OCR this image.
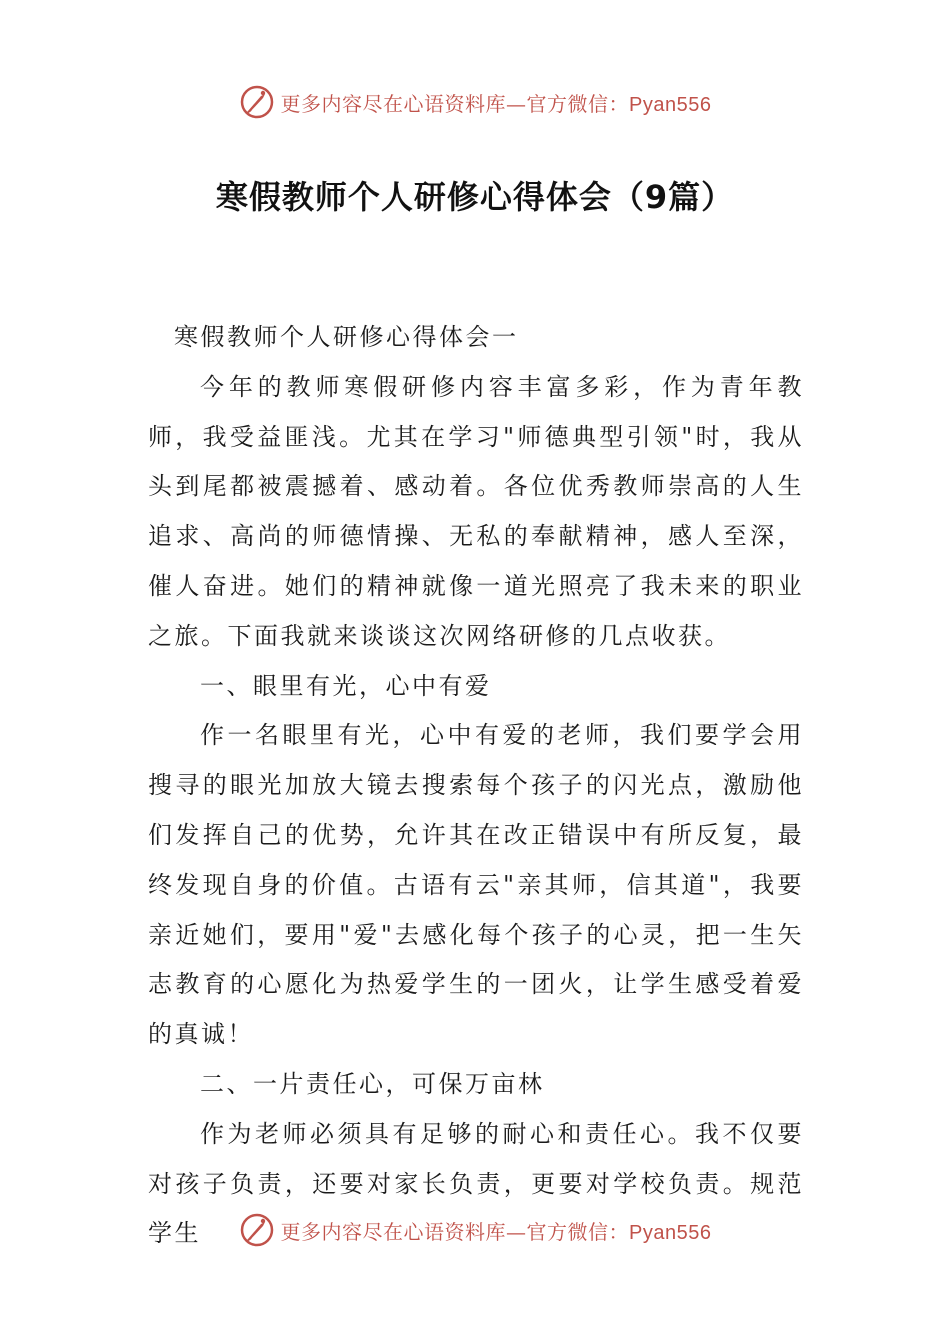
更多内容尽在心语资料库—官方微信：Pyan556
寒假教师个人研修心得体会（9篇）

寒假教师个人研修心得体会一

今年的教师寒假研修内容丰富多彩，作为青年教师，我受益匪浅。尤其在学习"师德典型引领"时，我从头到尾都被震撼着、感动着。各位优秀教师崇高的人生追求、高尚的师德情操、无私的奉献精神，感人至深，催人奋进。她们的精神就像一道光照亮了我未来的职业之旅。下面我就来谈谈这次网络研修的几点收获。

一、眼里有光，心中有爱

作一名眼里有光，心中有爱的老师，我们要学会用搜寻的眼光加放大镜去搜索每个孩子的闪光点，激励他们发挥自己的优势，允许其在改正错误中有所反复，最终发现自身的价值。古语有云"亲其师，信其道"，我要亲近她们，要用"爱"去感化每个孩子的心灵，把一生矢志教育的心愿化为热爱学生的一团火，让学生感受着爱的真诚！

二、一片责任心，可保万亩林

作为老师必须具有足够的耐心和责任心。我不仅要对孩子负责，还要对家长负责，更要对学校负责。规范学生	更多内容尽在心语资料库—官方微信：Pyan556
